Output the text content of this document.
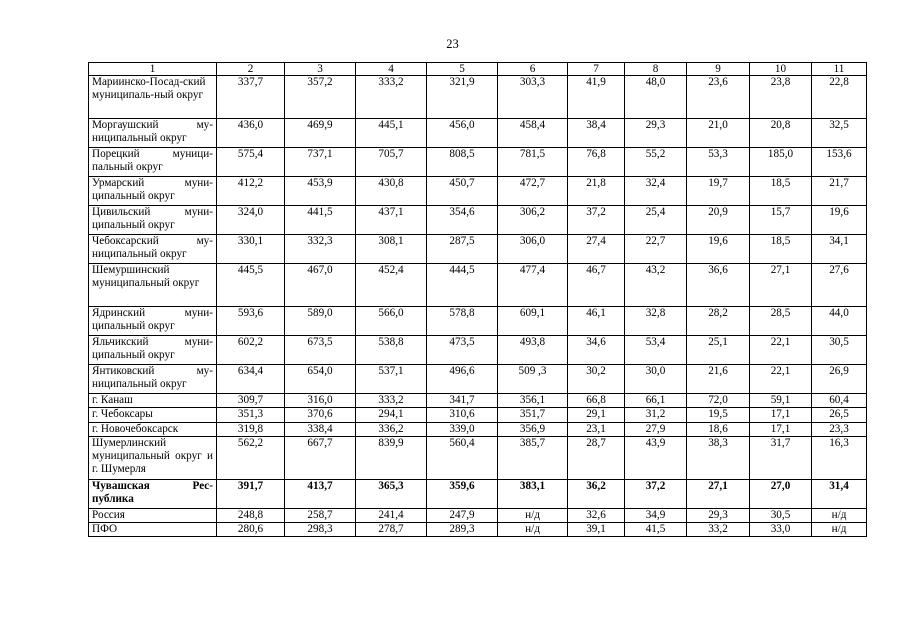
23
1	2	3	4	5	6	7	8	9	10	11
Мариинско-Посад-ский муниципаль-ный округ	337,7	357,2	333,2	321,9	303,3	41,9	48,0	23,6	23,8	22,8
Моргаушский му-ниципальный округ	436,0	469,9	445,1	456,0	458,4	38,4	29,3	21,0	20,8	32,5
Порецкий муници-пальный округ	575,4	737,1	705,7	808,5	781,5	76,8	55,2	53,3	185,0	153,6
Урмарский муни-ципальный округ	412,2	453,9	430,8	450,7	472,7	21,8	32,4	19,7	18,5	21,7
Цивильский муни-ципальный округ	324,0	441,5	437,1	354,6	306,2	37,2	25,4	20,9	15,7	19,6
Чебоксарский му-ниципальный округ	330,1	332,3	308,1	287,5	306,0	27,4	22,7	19,6	18,5	34,1
Шемуршинский муниципальный округ	445,5	467,0	452,4	444,5	477,4	46,7	43,2	36,6	27,1	27,6
Ядринский муни-ципальный округ	593,6	589,0	566,0	578,8	609,1	46,1	32,8	28,2	28,5	44,0
Яльчикский муни-ципальный округ	602,2	673,5	538,8	473,5	493,8	34,6	53,4	25,1	22,1	30,5
Янтиковский му-ниципальный округ	634,4	654,0	537,1	496,6	509 ,3	30,2	30,0	21,6	22,1	26,9
г. Канаш	309,7	316,0	333,2	341,7	356,1	66,8	66,1	72,0	59,1	60,4
г. Чебоксары	351,3	370,6	294,1	310,6	351,7	29,1	31,2	19,5	17,1	26,5
г. Новочебоксарск	319,8	338,4	336,2	339,0	356,9	23,1	27,9	18,6	17,1	23,3
Шумерлинский муниципальный округ и г. Шумерля	562,2	667,7	839,9	560,4	385,7	28,7	43,9	38,3	31,7	16,3
Чувашская Рес-публика	391,7	413,7	365,3	359,6	383,1	36,2	37,2	27,1	27,0	31,4
Россия	248,8	258,7	241,4	247,9	н/д	32,6	34,9	29,3	30,5	н/д
ПФО	280,6	298,3	278,7	289,3	н/д	39,1	41,5	33,2	33,0	н/д
